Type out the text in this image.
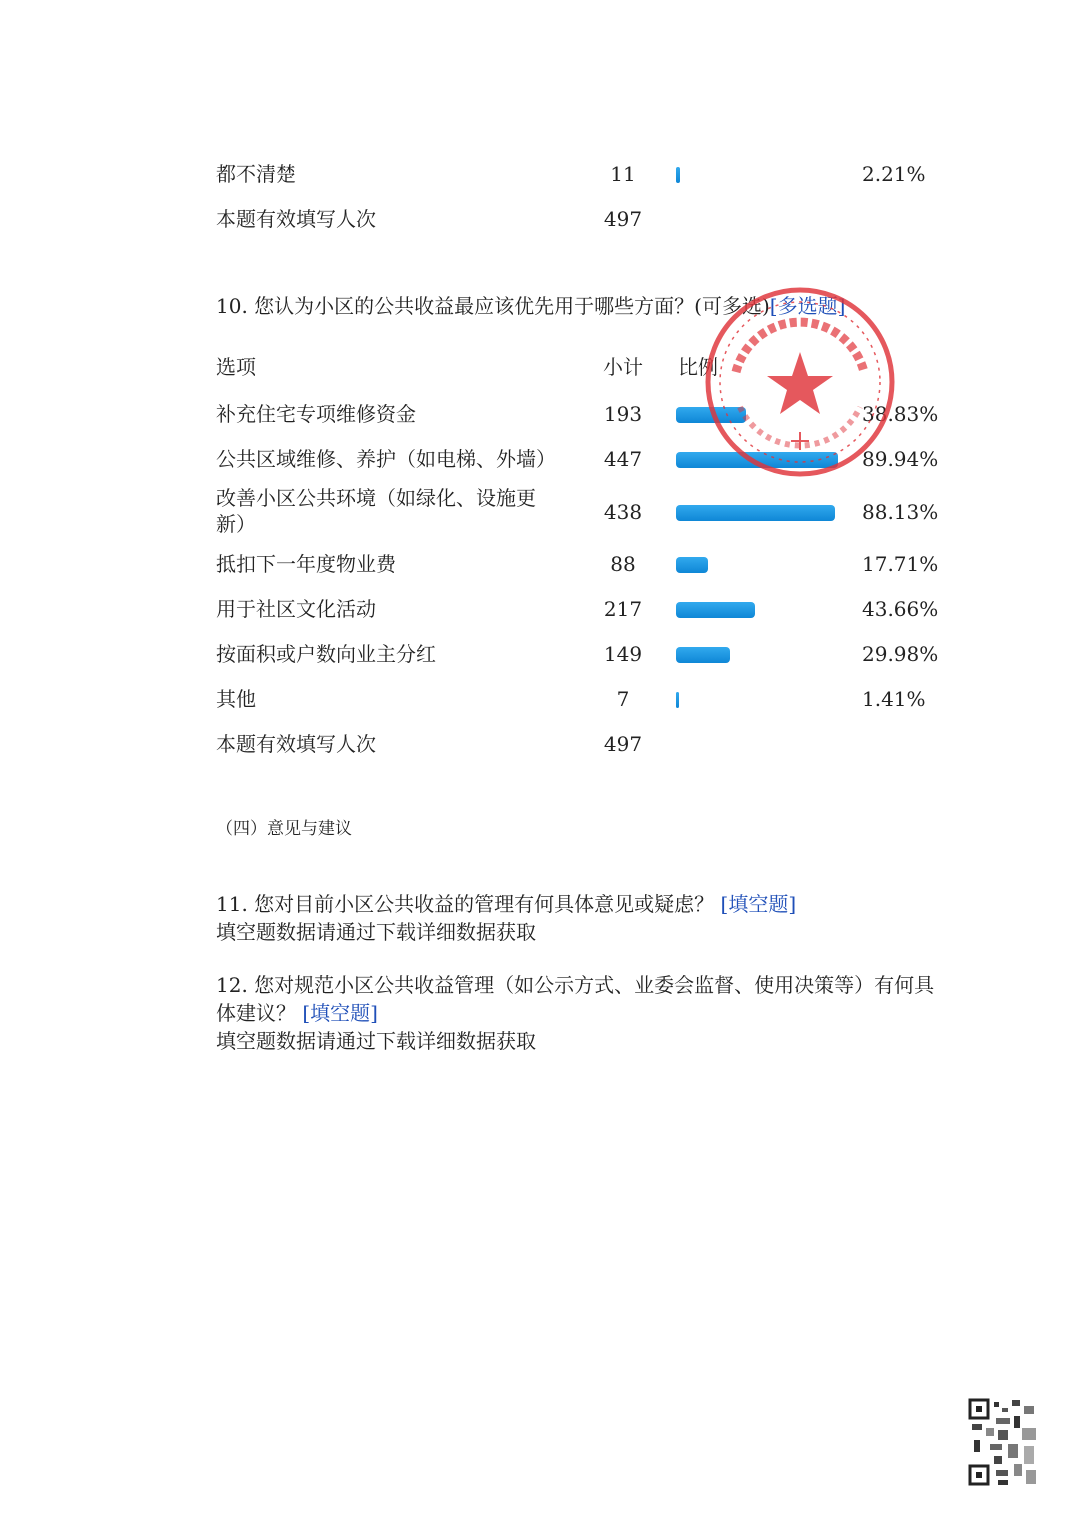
都不清楚	11	2.21%
本题有效填写人次	497
10. 您认为小区的公共收益最应该优先用于哪些方面？(可多选)[多选题]
选项	小计 比例
补充住宅专项维修资金	193	38.83%
公共区域维修、养护（如电梯、外墙）	447	89.94%
改善小区公共环境（如绿化、设施更新）	438	88.13%
抵扣下一年度物业费	88	17.71%
用于社区文化活动	217	43.66%
按面积或户数向业主分红	149	29.98%
其他	7	1.41%
本题有效填写人次	497
（四）意见与建议
11. 您对目前小区公共收益的管理有何具体意见或疑虑？ [填空题]
填空题数据请通过下载详细数据获取
12. 您对规范小区公共收益管理（如公示方式、业委会监督、使用决策等）有何具体建议？ [填空题]
填空题数据请通过下载详细数据获取
